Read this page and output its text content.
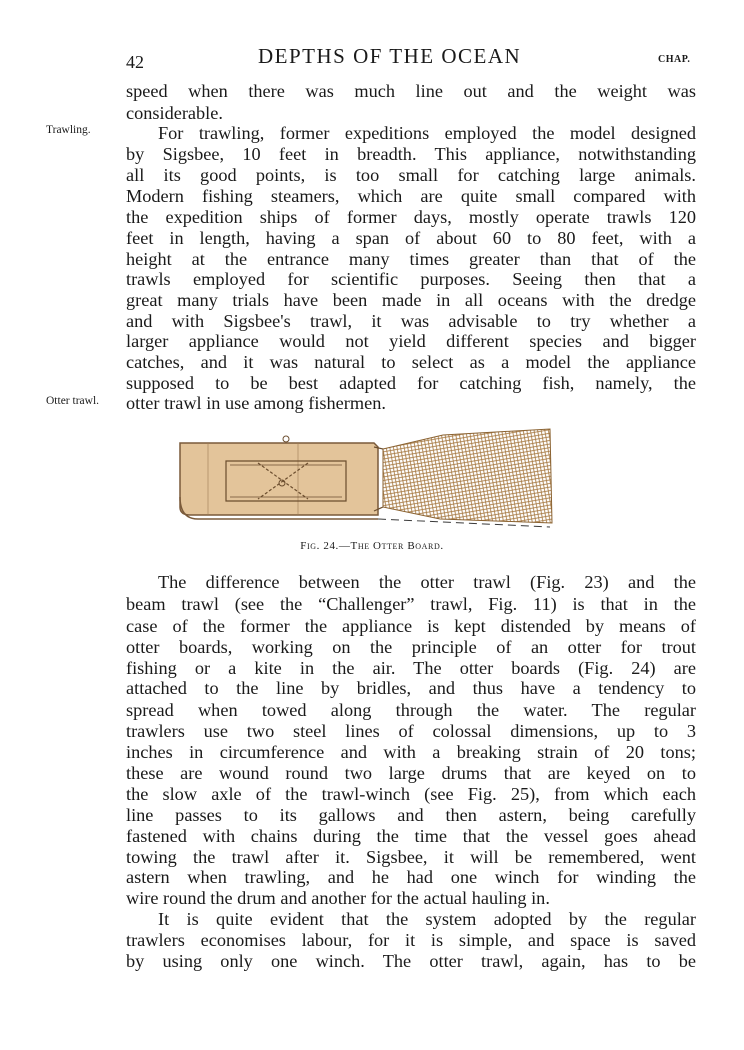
42	DEPTHS OF THE OCEAN	CHAP.
Trawling.
Otter trawl.
speed when there was much line out and the weight was
considerable.
For trawling, former expeditions employed the model designed
by Sigsbee, 10 feet in breadth. This appliance, notwithstanding
all its good points, is too small for catching large animals.
Modern fishing steamers, which are quite small compared with
the expedition ships of former days, mostly operate trawls 120
feet in length, having a span of about 60 to 80 feet, with a
height at the entrance many times greater than that of the
trawls employed for scientific purposes. Seeing then that a
great many trials have been made in all oceans with the dredge
and with Sigsbee's trawl, it was advisable to try whether a
larger appliance would not yield different species and bigger
catches, and it was natural to select as a model the appliance
supposed to be best adapted for catching fish, namely, the
otter trawl in use among fishermen.
Fig. 24.—The Otter Board.
The difference between the otter trawl (Fig. 23) and the
beam trawl (see the “Challenger” trawl, Fig. 11) is that in the
case of the former the appliance is kept distended by means of
otter boards, working on the principle of an otter for trout
fishing or a kite in the air. The otter boards (Fig. 24) are
attached to the line by bridles, and thus have a tendency to
spread when towed along through the water. The regular
trawlers use two steel lines of colossal dimensions, up to 3
inches in circumference and with a breaking strain of 20 tons;
these are wound round two large drums that are keyed on to
the slow axle of the trawl-winch (see Fig. 25), from which each
line passes to its gallows and then astern, being carefully
fastened with chains during the time that the vessel goes ahead
towing the trawl after it. Sigsbee, it will be remembered, went
astern when trawling, and he had one winch for winding the
wire round the drum and another for the actual hauling in.
It is quite evident that the system adopted by the regular
trawlers economises labour, for it is simple, and space is saved
by using only one winch. The otter trawl, again, has to be
